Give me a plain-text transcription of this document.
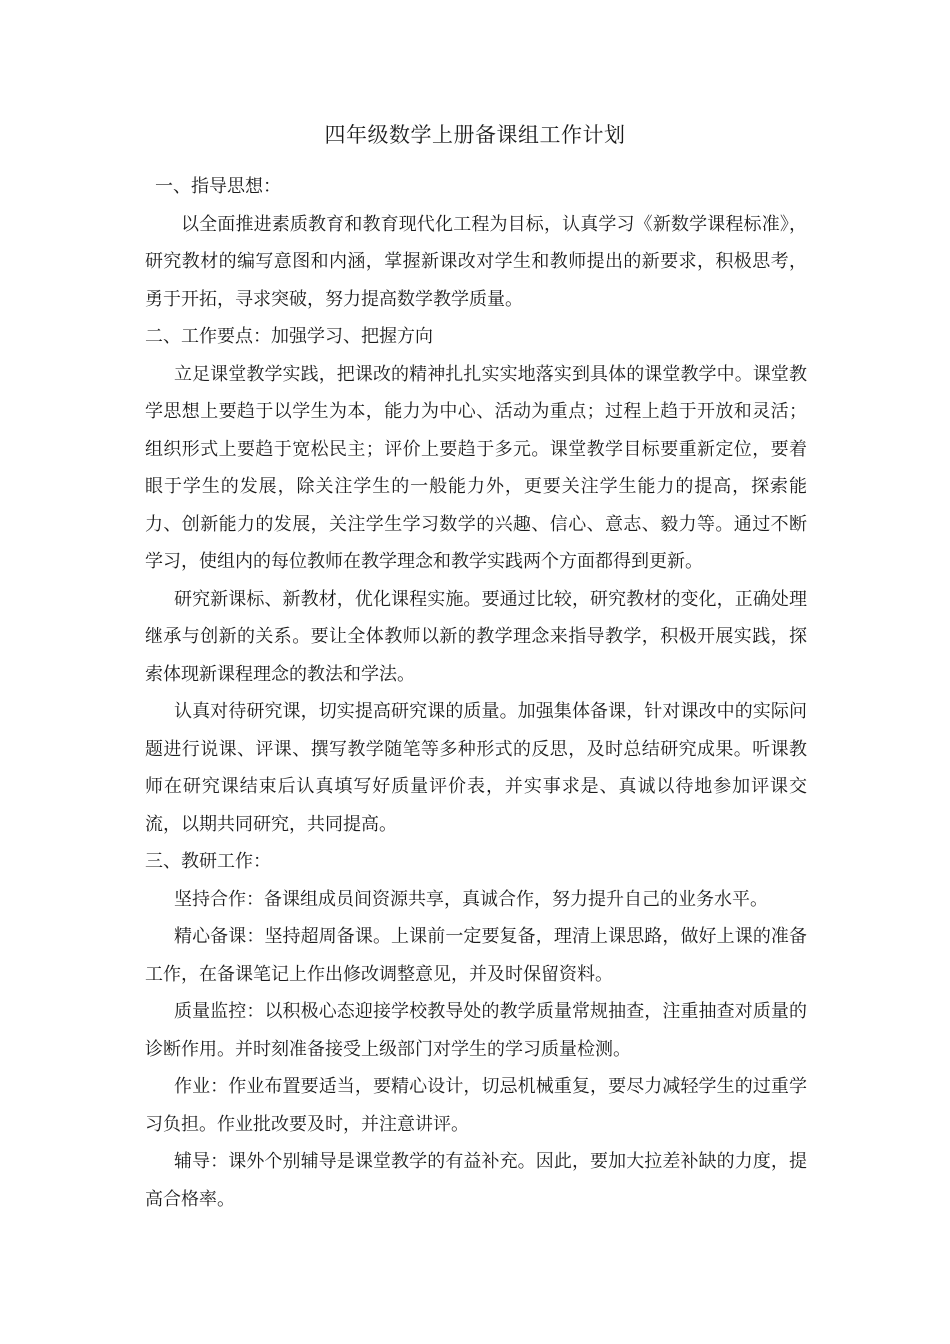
四年级数学上册备课组工作计划

一、指导思想：

以全面推进素质教育和教育现代化工程为目标，认真学习《新数学课程标准》，研究教材的编写意图和内涵，掌握新课改对学生和教师提出的新要求，积极思考，勇于开拓，寻求突破，努力提高数学教学质量。

二、工作要点：加强学习、把握方向

立足课堂教学实践，把课改的精神扎扎实实地落实到具体的课堂教学中。课堂教学思想上要趋于以学生为本，能力为中心、活动为重点；过程上趋于开放和灵活；组织形式上要趋于宽松民主；评价上要趋于多元。课堂教学目标要重新定位，要着眼于学生的发展，除关注学生的一般能力外，更要关注学生能力的提高，探索能力、创新能力的发展，关注学生学习数学的兴趣、信心、意志、毅力等。通过不断学习，使组内的每位教师在教学理念和教学实践两个方面都得到更新。

研究新课标、新教材，优化课程实施。要通过比较，研究教材的变化，正确处理继承与创新的关系。要让全体教师以新的教学理念来指导教学，积极开展实践，探索体现新课程理念的教法和学法。

认真对待研究课，切实提高研究课的质量。加强集体备课，针对课改中的实际问题进行说课、评课、撰写教学随笔等多种形式的反思，及时总结研究成果。听课教师在研究课结束后认真填写好质量评价表，并实事求是、真诚以待地参加评课交流，以期共同研究，共同提高。

三、教研工作：

坚持合作：备课组成员间资源共享，真诚合作，努力提升自己的业务水平。

精心备课：坚持超周备课。上课前一定要复备，理清上课思路，做好上课的准备工作，在备课笔记上作出修改调整意见，并及时保留资料。

质量监控：以积极心态迎接学校教导处的教学质量常规抽查，注重抽查对质量的诊断作用。并时刻准备接受上级部门对学生的学习质量检测。

作业：作业布置要适当，要精心设计，切忌机械重复，要尽力减轻学生的过重学习负担。作业批改要及时，并注意讲评。

辅导：课外个别辅导是课堂教学的有益补充。因此，要加大拉差补缺的力度，提高合格率。
